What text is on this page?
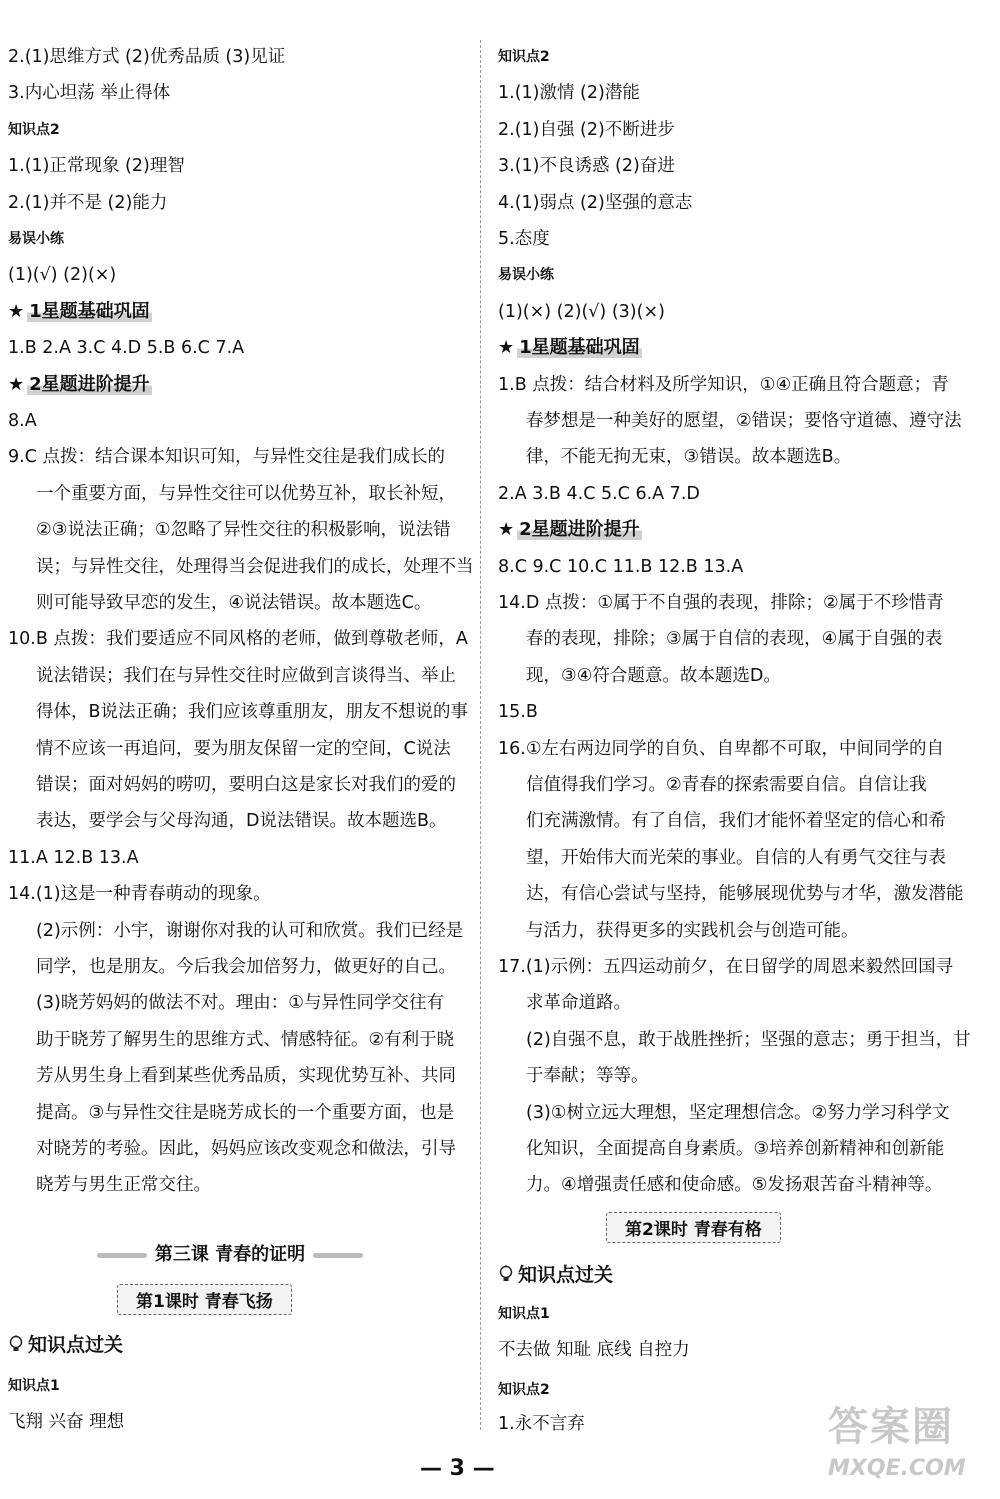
2.(1)思维方式 (2)优秀品质 (3)见证
3.内心坦荡 举止得体
知识点2
1.(1)正常现象 (2)理智
2.(1)并不是 (2)能力
易误小练
(1)(√) (2)(×)
★ 1星题基础巩固
1.B 2.A 3.C 4.D 5.B 6.C 7.A
★ 2星题进阶提升
8.A
9.C 点拨：结合课本知识可知，与异性交往是我们成长的
一个重要方面，与异性交往可以优势互补，取长补短，
②③说法正确；①忽略了异性交往的积极影响，说法错
误；与异性交往，处理得当会促进我们的成长，处理不当
则可能导致早恋的发生，④说法错误。故本题选C。
10.B 点拨：我们要适应不同风格的老师，做到尊敬老师，A
说法错误；我们在与异性交往时应做到言谈得当、举止
得体，B说法正确；我们应该尊重朋友，朋友不想说的事
情不应该一再追问，要为朋友保留一定的空间，C说法
错误；面对妈妈的唠叨，要明白这是家长对我们的爱的
表达，要学会与父母沟通，D说法错误。故本题选B。
11.A 12.B 13.A
14.(1)这是一种青春萌动的现象。
(2)示例：小宇，谢谢你对我的认可和欣赏。我们已经是
同学，也是朋友。今后我会加倍努力，做更好的自己。
(3)晓芳妈妈的做法不对。理由：①与异性同学交往有
助于晓芳了解男生的思维方式、情感特征。②有利于晓
芳从男生身上看到某些优秀品质，实现优势互补、共同
提高。③与异性交往是晓芳成长的一个重要方面，也是
对晓芳的考验。因此，妈妈应该改变观念和做法，引导
晓芳与男生正常交往。
第三课 青春的证明
第1课时 青春飞扬
知识点过关
知识点1
飞翔 兴奋 理想
知识点2
1.(1)激情 (2)潜能
2.(1)自强 (2)不断进步
3.(1)不良诱惑 (2)奋进
4.(1)弱点 (2)坚强的意志
5.态度
易误小练
(1)(×) (2)(√) (3)(×)
★ 1星题基础巩固
1.B 点拨：结合材料及所学知识，①④正确且符合题意；青
春梦想是一种美好的愿望，②错误；要恪守道德、遵守法
律，不能无拘无束，③错误。故本题选B。
2.A 3.B 4.C 5.C 6.A 7.D
★ 2星题进阶提升
8.C 9.C 10.C 11.B 12.B 13.A
14.D 点拨：①属于不自强的表现，排除；②属于不珍惜青
春的表现，排除；③属于自信的表现，④属于自强的表
现，③④符合题意。故本题选D。
15.B
16.①左右两边同学的自负、自卑都不可取，中间同学的自
信值得我们学习。②青春的探索需要自信。自信让我
们充满激情。有了自信，我们才能怀着坚定的信心和希
望，开始伟大而光荣的事业。自信的人有勇气交往与表
达，有信心尝试与坚持，能够展现优势与才华，激发潜能
与活力，获得更多的实践机会与创造可能。
17.(1)示例：五四运动前夕，在日留学的周恩来毅然回国寻
求革命道路。
(2)自强不息，敢于战胜挫折；坚强的意志；勇于担当，甘
于奉献；等等。
(3)①树立远大理想，坚定理想信念。②努力学习科学文
化知识，全面提高自身素质。③培养创新精神和创新能
力。④增强责任感和使命感。⑤发扬艰苦奋斗精神等。
第2课时 青春有格
知识点过关
知识点1
不去做 知耻 底线 自控力
知识点2
1.永不言弃
— 3 —
答案圈
MXQE.COM
